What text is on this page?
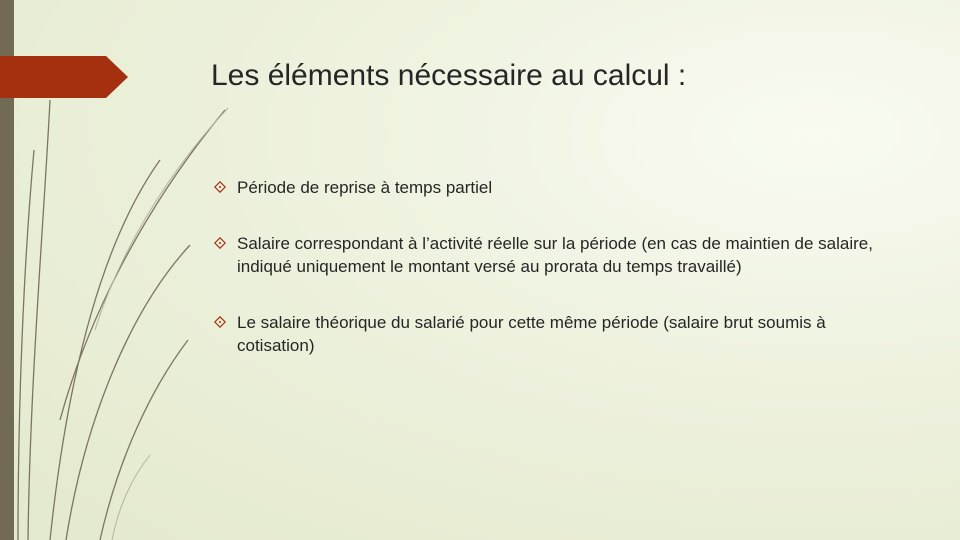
Les éléments nécessaire au calcul :
Période de reprise à temps partiel
Salaire correspondant à l’activité réelle sur la période (en cas de maintien de salaire, indiqué uniquement le montant versé au prorata du temps travaillé)
Le salaire théorique du salarié pour cette même période (salaire brut soumis à cotisation)
